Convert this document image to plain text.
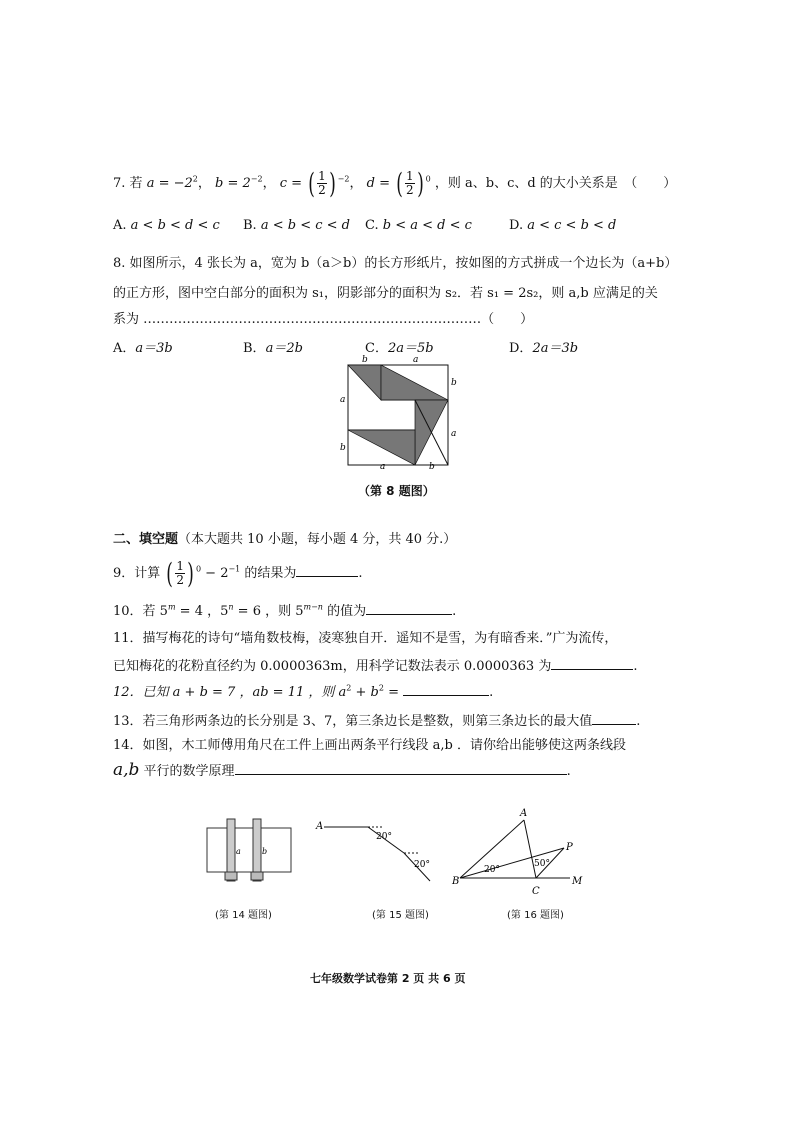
7. 若 $a = -2^2$， $b = 2^{-2}$， c = ( $\frac{1}{2}$ ) $^{-2}$， d = ( $\frac{1}{2}$ ) $^0$ ，则 a、b、c、d 的大小关系是　（　　）
A. a < b < d < c B. a < b < c < d C. b < a < d < c	D. a < c < b < d
8. 如图所示，4 张长为 a，宽为 b（a＞b）的长方形纸片，按如图的方式拼成一个边长为（a+b）
的正方形，图中空白部分的面积为 s₁，阴影部分的面积为 s₂．若 s₁ = 2s₂，则 a,b 应满足的关
系为 ……………………………………………………………………（　　）
A．a＝3b	B．a＝2b	C．2a＝5b	D．2a＝3b
b	a
b
a
a
b
a	b
（第 8 题图）
二、填空题（本大题共 10 小题，每小题 4 分，共 40 分.）
9．计算 ( $\frac{1}{2}$ ) $^0 - 2^{-1}$ 的结果为	.
10．若 $5^m = 4$ ，$5^n = 6$ ，则 $5^{m-n}$ 的值为	.
11．描写梅花的诗句“墙角数枝梅，凌寒独自开．遥知不是雪，为有暗香来．”广为流传，
已知梅花的花粉直径约为 0.0000363m，用科学记数法表示 0.0000363 为	.
12．已知 a + b = 7 ，ab = 11 ，则 $a^2 + b^2$ =	.
13．若三角形两条边的长分别是 3、7，第三条边长是整数，则第三条边长的最大值	.
14．如图，木工师傅用角尺在工件上画出两条平行线段 a,b ．请你给出能够使这两条线段
a,b 平行的数学原理	.
a	b
(第 14 题图)
A
20°
20°
(第 15 题图)
A
B
C
P
M
20°
50°
(第 16 题图)
七年级数学试卷第 2 页 共 6 页
